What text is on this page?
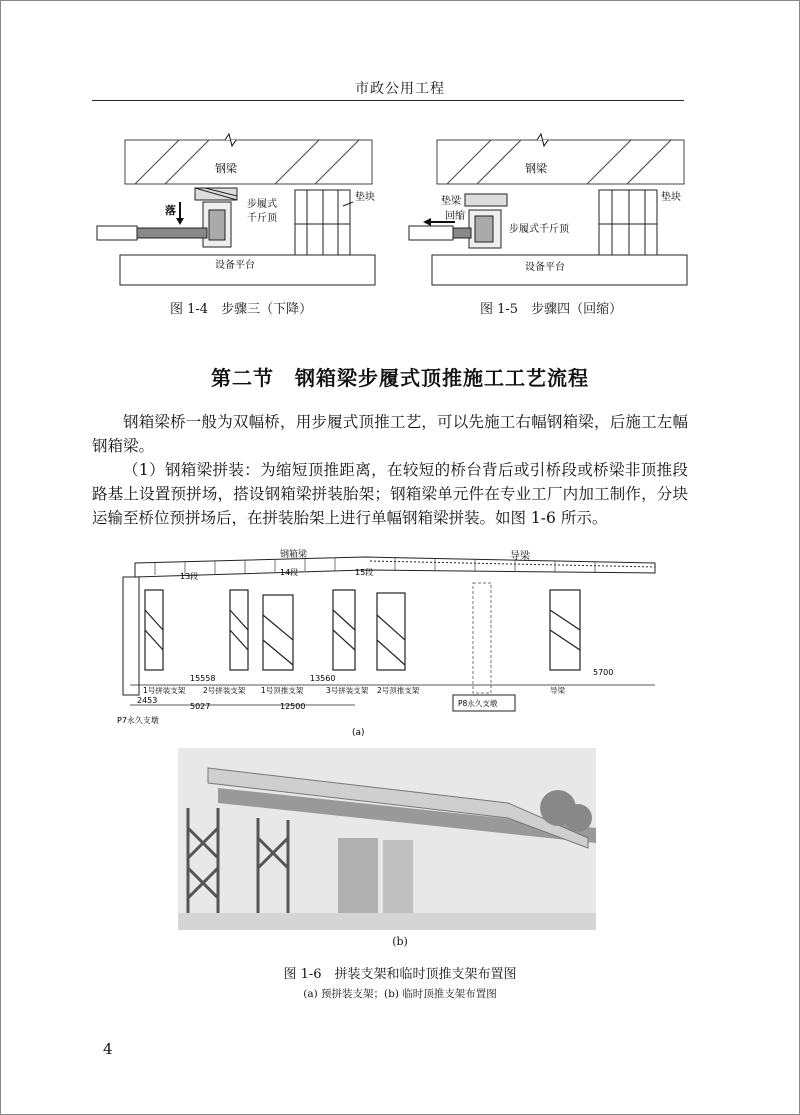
市政公用工程
钢梁
垫块
落	步履式
千斤顶
设备平台
图 1-4　步骤三（下降）
钢梁
垫块
垫梁
回缩
步履式千斤顶
设备平台
图 1-5　步骤四（回缩）
第二节　钢箱梁步履式顶推施工工艺流程

钢箱梁桥一般为双幅桥，用步履式顶推工艺，可以先施工右幅钢箱梁，后施工左幅钢箱梁。

（1）钢箱梁拼装：为缩短顶推距离，在较短的桥台背后或引桥段或桥梁非顶推段路基上设置预拼场，搭设钢箱梁拼装胎架；钢箱梁单元件在专业工厂内加工制作，分块运输至桥位预拼场后，在拼装胎架上进行单幅钢箱梁拼装。如图 1-6 所示。

钢箱梁	导梁
13段	14段	15段
15558	13560
5700
1号拼装支架 2号拼装支架 1号顶推支架	3号拼装支架 2号顶推支架
P8永久支墩
导梁
2453
5027	12500
P7永久支墩
(a)
(b)
图 1-6　拼装支架和临时顶推支架布置图
(a) 预拼装支架；(b) 临时顶推支架布置图
4
